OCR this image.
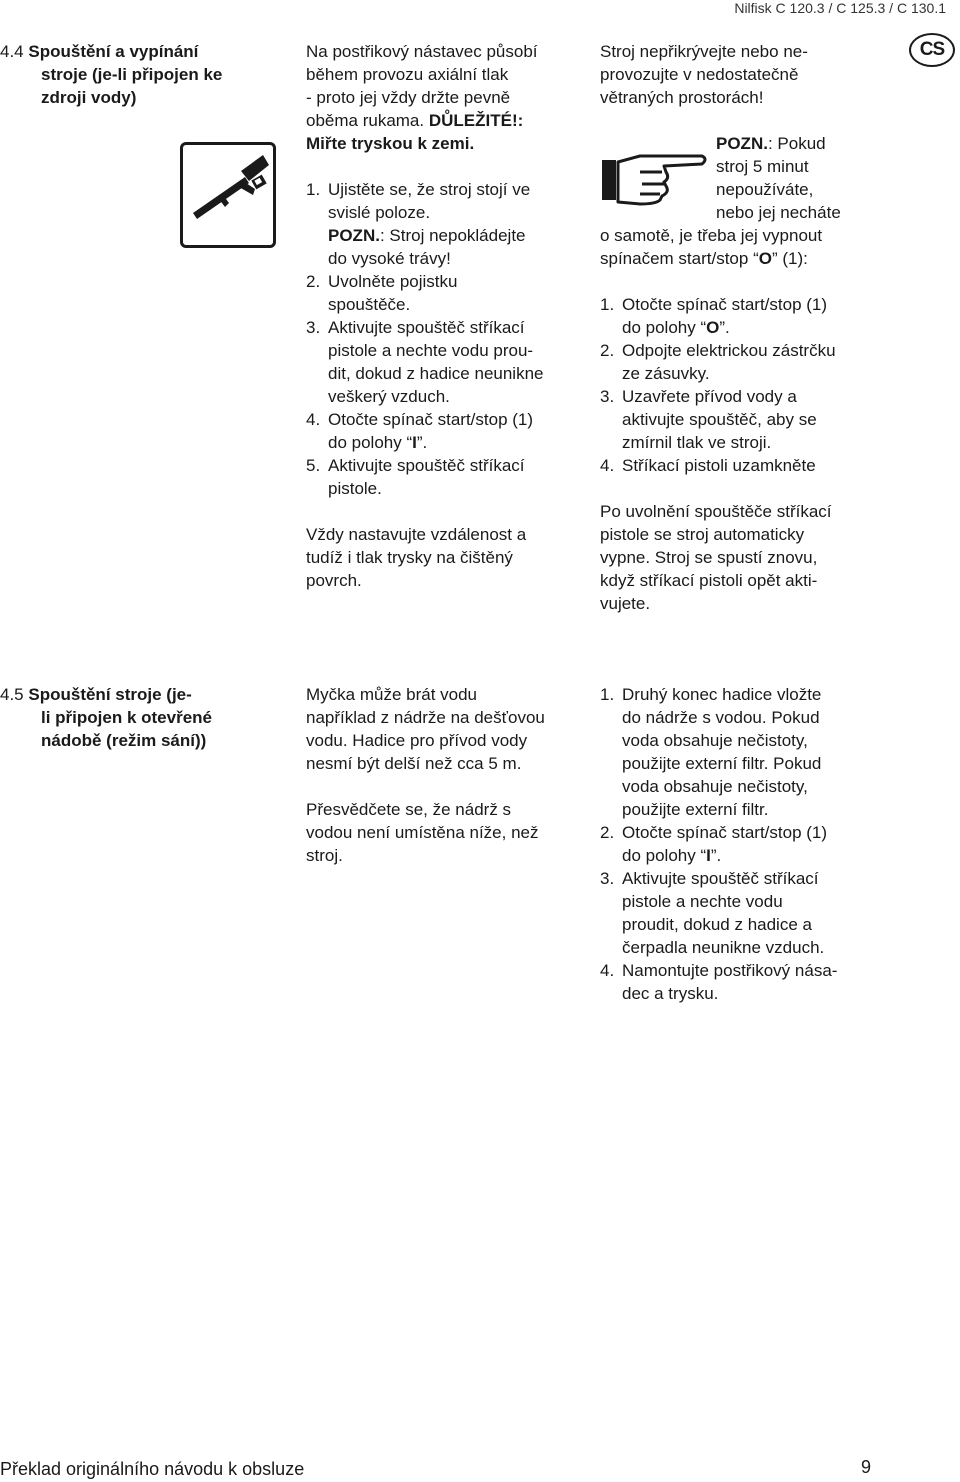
Nilfisk C 120.3 / C 125.3 / C 130.1
CS
4.4 Spouštění a vypínání
stroje (je-li připojen ke
zdroji vody)

Na postřikový nástavec působí

během provozu axiální tlak

- proto jej vždy držte pevně

oběma rukama. DŮLEŽITÉ!:

Miřte tryskou k zemi.

1. Ujistěte se, že stroj stojí ve
svislé poloze.
POZN.: Stroj nepokládejte
do vysoké trávy!
2. Uvolněte pojistku
spouštěče.
3. Aktivujte spouštěč stříkací
pistole a nechte vodu prou-
dit, dokud z hadice neunikne
veškerý vzduch.
4. Otočte spínač start/stop (1)
do polohy “I”.
5. Aktivujte spouštěč stříkací
pistole.

Vždy nastavujte vzdálenost a

tudíž i tlak trysky na čištěný

povrch.

Stroj nepřikrývejte nebo ne-

provozujte v nedostatečně

větraných prostorách!

POZN.: Pokud

stroj 5 minut

nepoužíváte,

nebo jej necháte

o samotě, je třeba jej vypnout

spínačem start/stop “O” (1):

1. Otočte spínač start/stop (1)
do polohy “O”.
2. Odpojte elektrickou zástrčku
ze zásuvky.
3. Uzavřete přívod vody a
aktivujte spouštěč, aby se
zmírnil tlak ve stroji.
4. Stříkací pistoli uzamkněte

Po uvolnění spouštěče stříkací

pistole se stroj automaticky

vypne. Stroj se spustí znovu,

když stříkací pistoli opět akti-

vujete.

4.5 Spouštění stroje (je-
li připojen k otevřené
nádobě (režim sání))

Myčka může brát vodu

například z nádrže na dešťovou

vodu. Hadice pro přívod vody

nesmí být delší než cca 5 m.

Přesvědčete se, že nádrž s

vodou není umístěna níže, než

stroj.

1. Druhý konec hadice vložte
do nádrže s vodou. Pokud
voda obsahuje nečistoty,
použijte externí filtr. Pokud
voda obsahuje nečistoty,
použijte externí filtr.
2. Otočte spínač start/stop (1)
do polohy “I”.
3. Aktivujte spouštěč stříkací
pistole a nechte vodu
proudit, dokud z hadice a
čerpadla neunikne vzduch.
4. Namontujte postřikový násа-
dec a trysku.
Překlad originálního návodu k obsluze	9
